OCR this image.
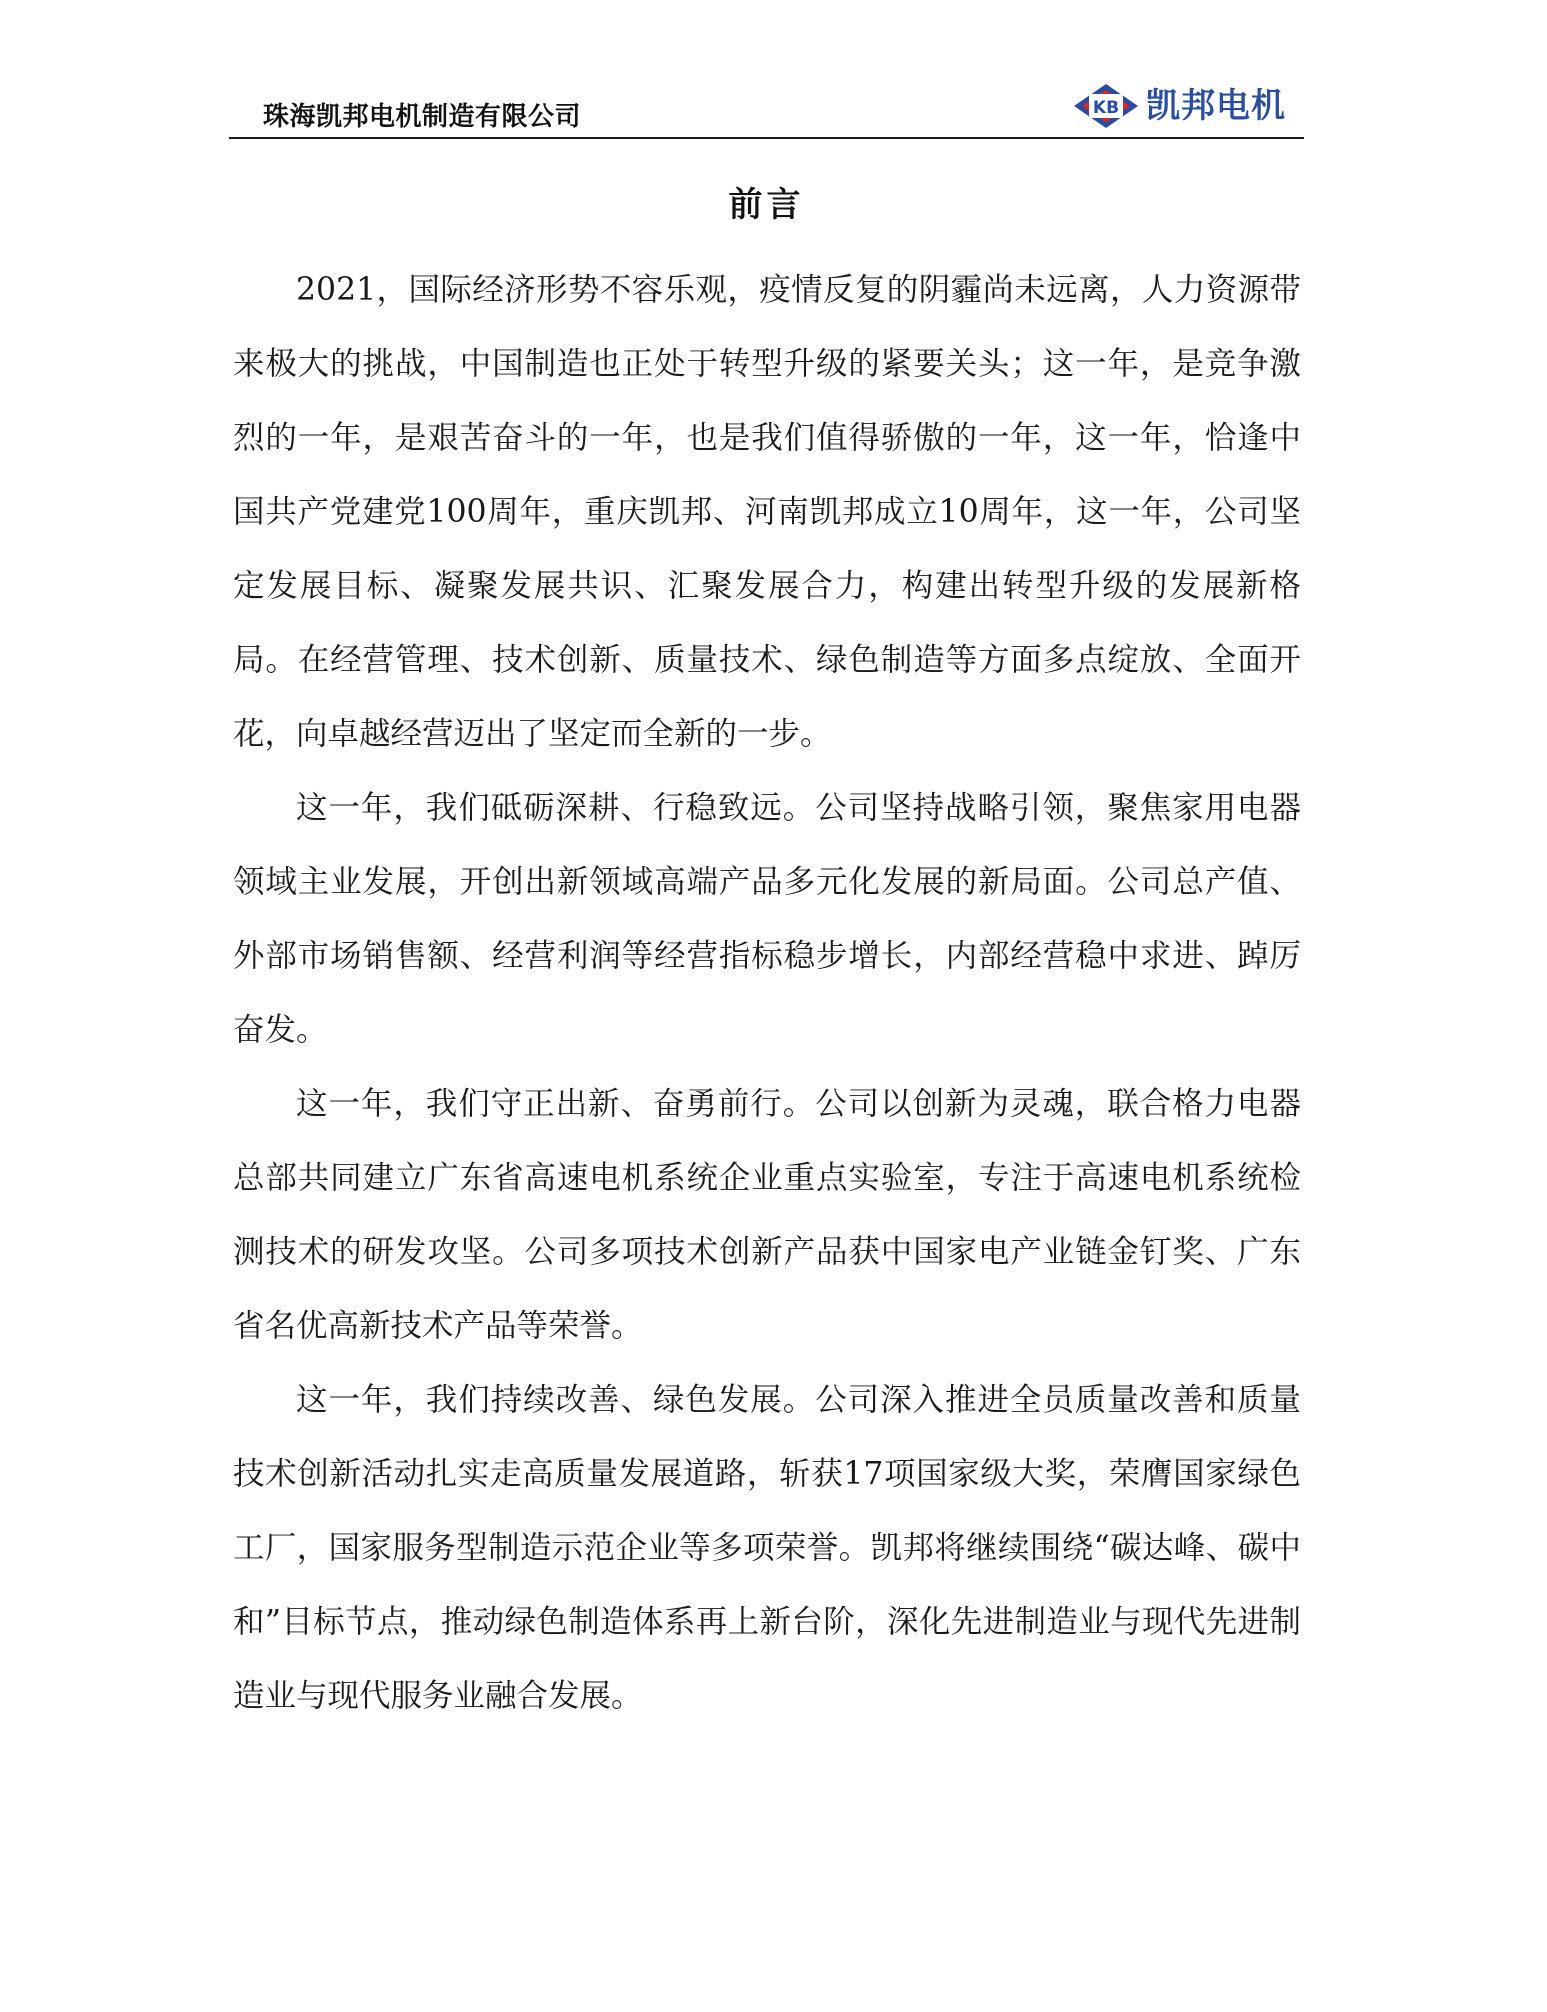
珠海凯邦电机制造有限公司	KB 凯邦电机
前言

2021，国际经济形势不容乐观，疫情反复的阴霾尚未远离，人力资源带来极大的挑战，中国制造也正处于转型升级的紧要关头；这一年，是竞争激烈的一年，是艰苦奋斗的一年，也是我们值得骄傲的一年，这一年，恰逢中国共产党建党100周年，重庆凯邦、河南凯邦成立10周年，这一年，公司坚定发展目标、凝聚发展共识、汇聚发展合力，构建出转型升级的发展新格局。在经营管理、技术创新、质量技术、绿色制造等方面多点绽放、全面开花，向卓越经营迈出了坚定而全新的一步。

这一年，我们砥砺深耕、行稳致远。公司坚持战略引领，聚焦家用电器领域主业发展，开创出新领域高端产品多元化发展的新局面。公司总产值、外部市场销售额、经营利润等经营指标稳步增长，内部经营稳中求进、踔厉奋发。

这一年，我们守正出新、奋勇前行。公司以创新为灵魂，联合格力电器总部共同建立广东省高速电机系统企业重点实验室，专注于高速电机系统检测技术的研发攻坚。公司多项技术创新产品获中国家电产业链金钉奖、广东省名优高新技术产品等荣誉。

这一年，我们持续改善、绿色发展。公司深入推进全员质量改善和质量技术创新活动扎实走高质量发展道路，斩获17项国家级大奖，荣膺国家绿色工厂，国家服务型制造示范企业等多项荣誉。凯邦将继续围绕“碳达峰、碳中和”目标节点，推动绿色制造体系再上新台阶，深化先进制造业与现代先进制造业与现代服务业融合发展。
